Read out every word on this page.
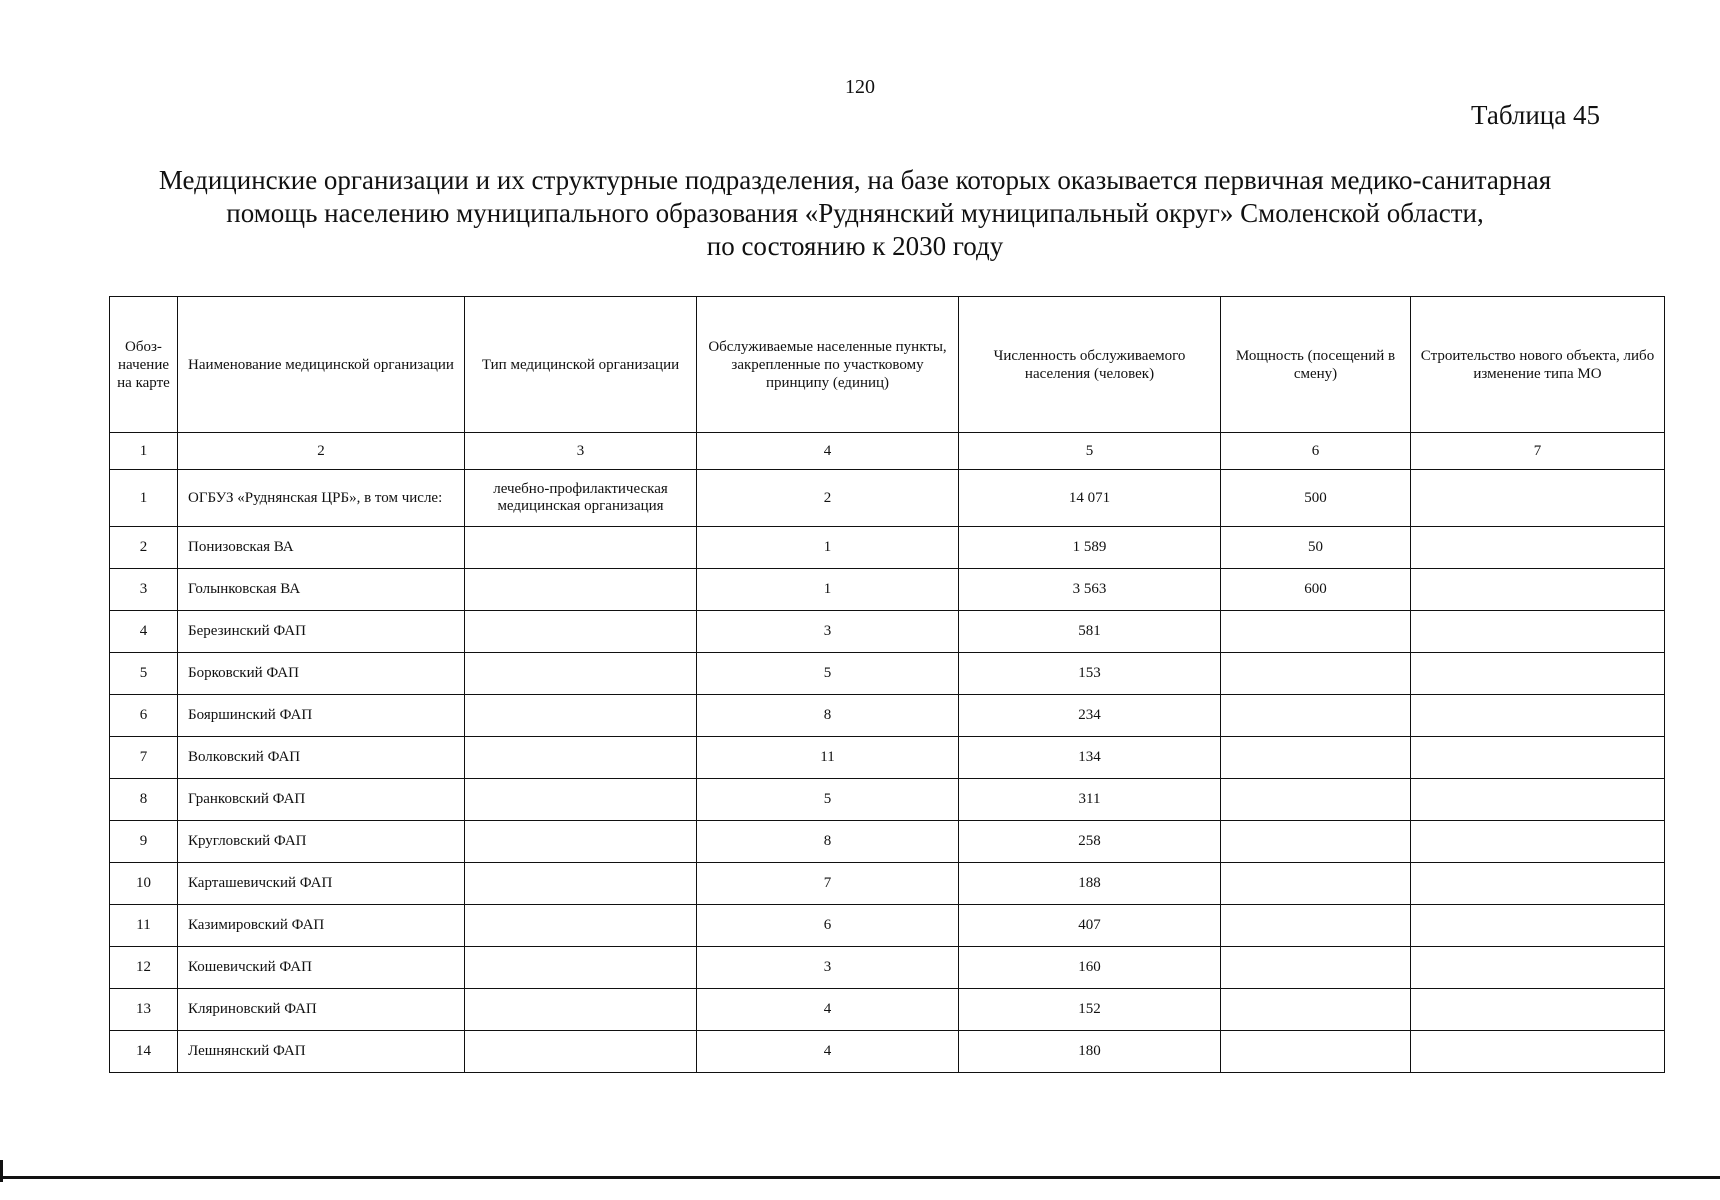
120
Таблица 45
Медицинские организации и их структурные подразделения, на базе которых оказывается первичная медико-санитарная
помощь населению муниципального образования «Руднянский муниципальный округ» Смоленской области,
по состоянию к 2030 году
Обоз-начение на карте	Наименование медицинской организации	Тип медицинской организации	Обслуживаемые населенные пункты, закрепленные по участковому принципу (единиц)	Численность обслуживаемого населения (человек)	Мощность (посещений в смену)	Строительство нового объекта, либо изменение типа МО
1	2	3	4	5	6	7
1	ОГБУЗ «Руднянская ЦРБ», в том числе:	лечебно-профилактическая медицинская организация	2	14 071	500	
2	Понизовская ВА		1	1 589	50	
3	Голынковская ВА		1	3 563	600	
4	Березинский ФАП		3	581		
5	Борковский ФАП		5	153		
6	Бояршинский ФАП		8	234		
7	Волковский ФАП		11	134		
8	Гранковский ФАП		5	311		
9	Кругловский ФАП		8	258		
10	Карташевичский ФАП		7	188		
11	Казимировский ФАП		6	407		
12	Кошевичский ФАП		3	160		
13	Кляриновский ФАП		4	152		
14	Лешнянский ФАП		4	180		
